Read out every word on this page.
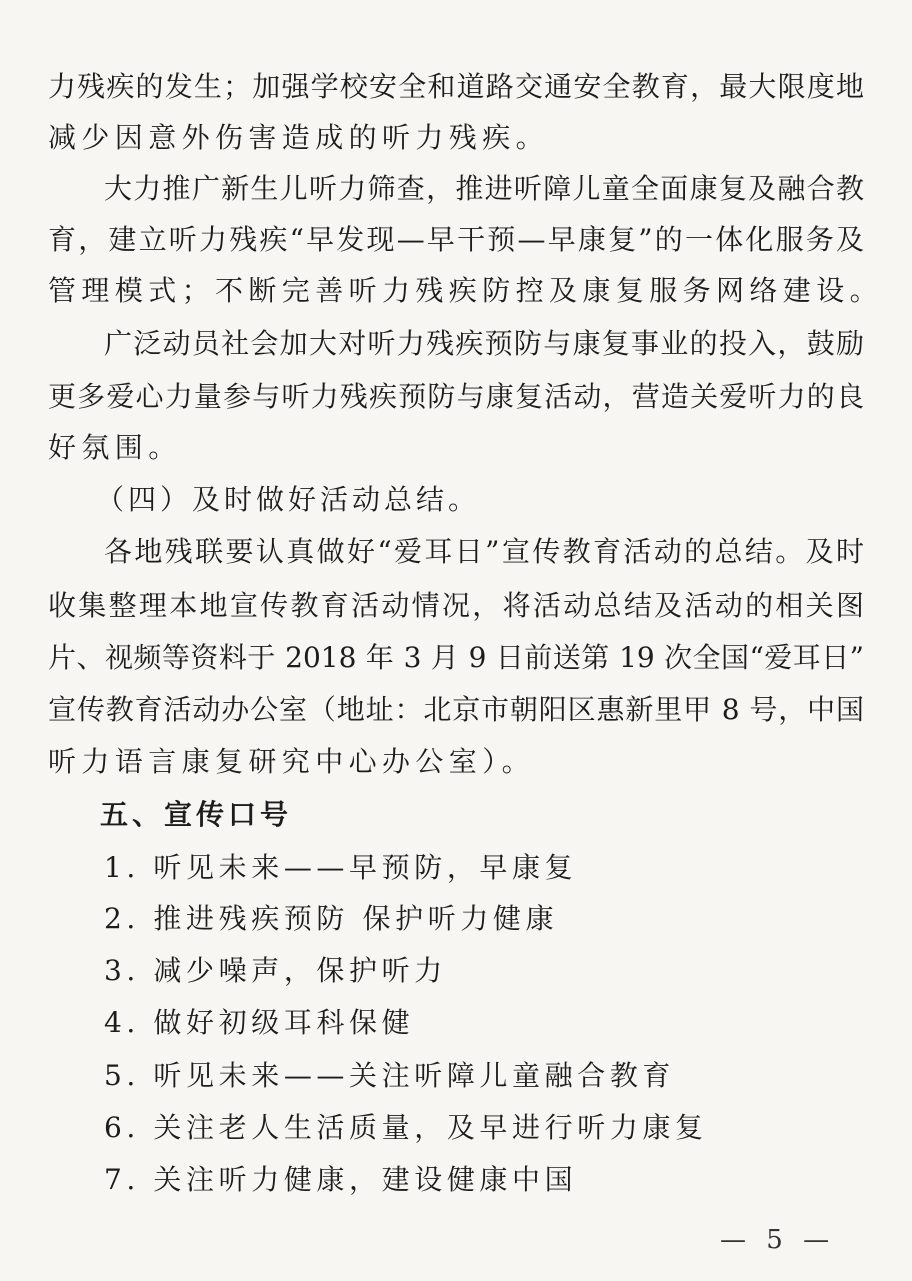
力残疾的发生；加强学校安全和道路交通安全教育，最大限度地
减少因意外伤害造成的听力残疾。
大力推广新生儿听力筛查，推进听障儿童全面康复及融合教
育，建立听力残疾“早发现—早干预—早康复”的一体化服务及
管理模式；不断完善听力残疾防控及康复服务网络建设。
广泛动员社会加大对听力残疾预防与康复事业的投入，鼓励
更多爱心力量参与听力残疾预防与康复活动，营造关爱听力的良
好氛围。
（四）及时做好活动总结。
各地残联要认真做好“爱耳日”宣传教育活动的总结。及时
收集整理本地宣传教育活动情况，将活动总结及活动的相关图
片、视频等资料于 2018 年 3 月 9 日前送第 19 次全国“爱耳日”
宣传教育活动办公室（地址：北京市朝阳区惠新里甲 8 号，中国
听力语言康复研究中心办公室）。
五、宣传口号
1. 听见未来——早预防，早康复
2. 推进残疾预防 保护听力健康
3. 减少噪声，保护听力
4. 做好初级耳科保健
5. 听见未来——关注听障儿童融合教育
6. 关注老人生活质量，及早进行听力康复
7. 关注听力健康，建设健康中国
— 5 —
